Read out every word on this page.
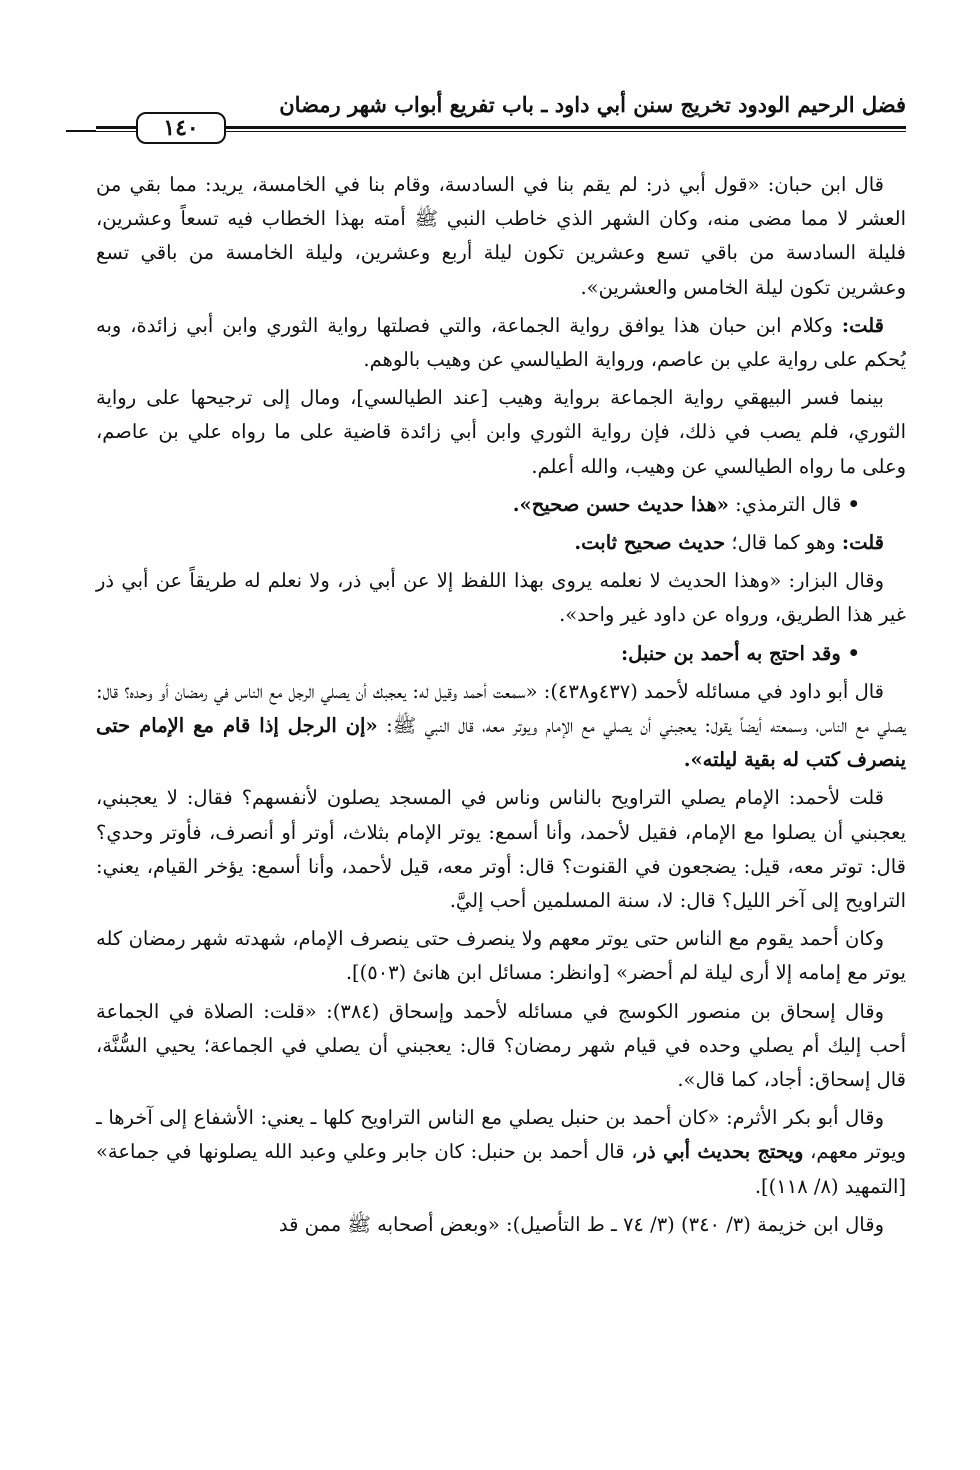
فضل الرحيم الودود تخريج سنن أبي داود ـ باب تفريع أبواب شهر رمضان
١٤٠

قال ابن حبان: «قول أبي ذر: لم يقم بنا في السادسة، وقام بنا في الخامسة، يريد: مما بقي من العشر لا مما مضى منه، وكان الشهر الذي خاطب النبي ﷺ أمته بهذا الخطاب فيه تسعاً وعشرين، فليلة السادسة من باقي تسع وعشرين تكون ليلة أربع وعشرين، وليلة الخامسة من باقي تسع وعشرين تكون ليلة الخامس والعشرين».

قلت: وكلام ابن حبان هذا يوافق رواية الجماعة، والتي فصلتها رواية الثوري وابن أبي زائدة، وبه يُحكم على رواية علي بن عاصم، ورواية الطيالسي عن وهيب بالوهم.

بينما فسر البيهقي رواية الجماعة برواية وهيب [عند الطيالسي]، ومال إلى ترجيحها على رواية الثوري، فلم يصب في ذلك، فإن رواية الثوري وابن أبي زائدة قاضية على ما رواه علي بن عاصم، وعلى ما رواه الطيالسي عن وهيب، والله أعلم.

• قال الترمذي: «هذا حديث حسن صحيح».

قلت: وهو كما قال؛ حديث صحيح ثابت.

وقال البزار: «وهذا الحديث لا نعلمه يروى بهذا اللفظ إلا عن أبي ذر، ولا نعلم له طريقاً عن أبي ذر غير هذا الطريق، ورواه عن داود غير واحد».

• وقد احتج به أحمد بن حنبل:

قال أبو داود في مسائله لأحمد (٤٣٧و٤٣٨): «سمعت أحمد وقيل له: يعجبك أن يصلي الرجل مع الناس في رمضان أو وحده؟ قال: يصلي مع الناس، وسمعته أيضاً يقول: يعجبني أن يصلي مع الإمام ويوتر معه، قال النبي ﷺ: «إن الرجل إذا قام مع الإمام حتى ينصرف كتب له بقية ليلته».

قلت لأحمد: الإمام يصلي التراويح بالناس وناس في المسجد يصلون لأنفسهم؟ فقال: لا يعجبني، يعجبني أن يصلوا مع الإمام، فقيل لأحمد، وأنا أسمع: يوتر الإمام بثلاث، أوتر أو أنصرف، فأوتر وحدي؟ قال: توتر معه، قيل: يضجعون في القنوت؟ قال: أوتر معه، قيل لأحمد، وأنا أسمع: يؤخر القيام، يعني: التراويح إلى آخر الليل؟ قال: لا، سنة المسلمين أحب إليَّ.

وكان أحمد يقوم مع الناس حتى يوتر معهم ولا ينصرف حتى ينصرف الإمام، شهدته شهر رمضان كله يوتر مع إمامه إلا أرى ليلة لم أحضر» [وانظر: مسائل ابن هانئ (٥٠٣)].

وقال إسحاق بن منصور الكوسج في مسائله لأحمد وإسحاق (٣٨٤): «قلت: الصلاة في الجماعة أحب إليك أم يصلي وحده في قيام شهر رمضان؟ قال: يعجبني أن يصلي في الجماعة؛ يحيي السُّنَّة، قال إسحاق: أجاد، كما قال».

وقال أبو بكر الأثرم: «كان أحمد بن حنبل يصلي مع الناس التراويح كلها ـ يعني: الأشفاع إلى آخرها ـ ويوتر معهم، ويحتج بحديث أبي ذر، قال أحمد بن حنبل: كان جابر وعلي وعبد الله يصلونها في جماعة» [التمهيد (٨/ ١١٨)].

وقال ابن خزيمة (٣/ ٣٤٠) (٣/ ٧٤ ـ ط التأصيل): «وبعض أصحابه ﷺ ممن قد
